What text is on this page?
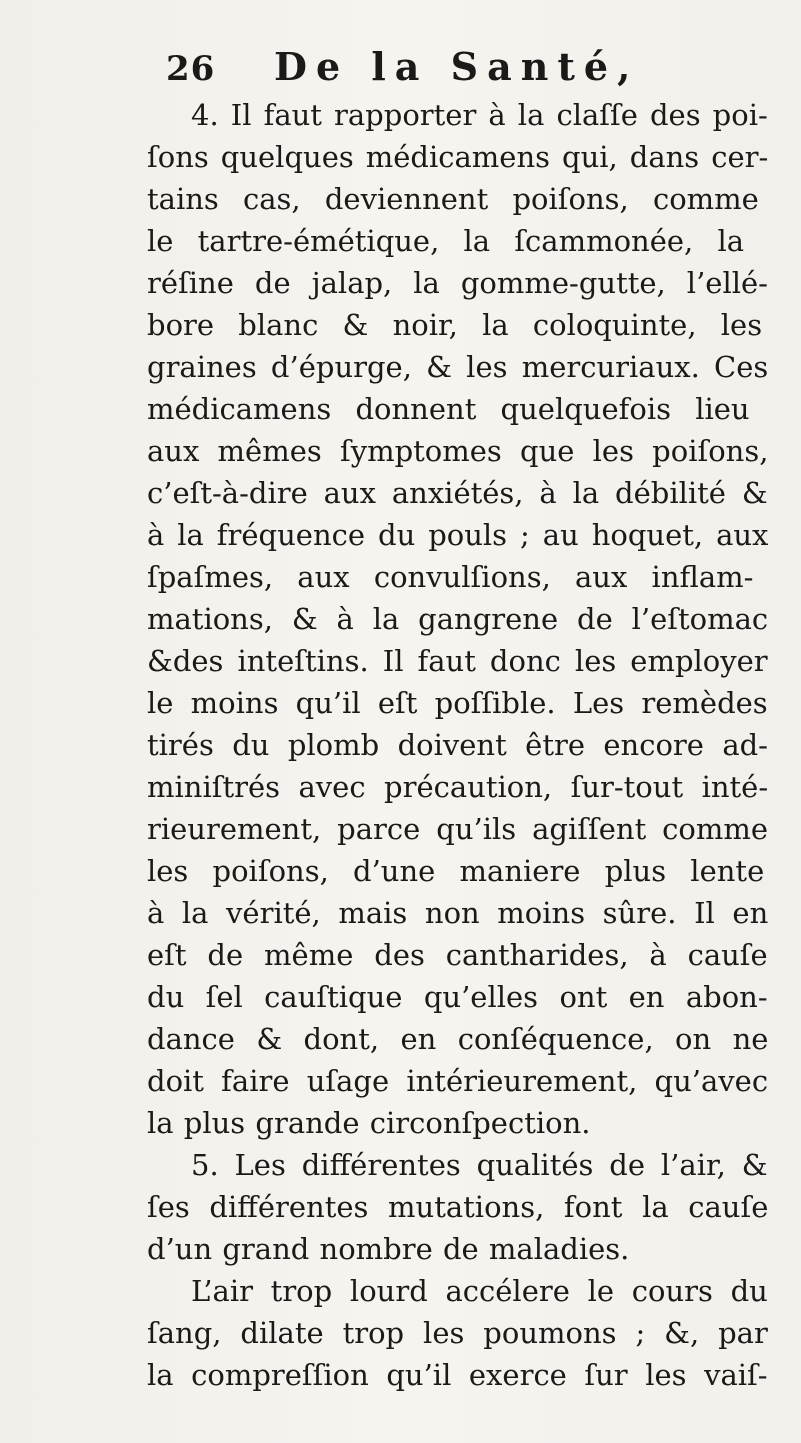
26	De la Santé,
4. Il faut rapporter à la claſſe des poi-
ſons quelques médicamens qui, dans cer-
tains cas, deviennent poiſons, comme
le tartre-émétique, la ſcammonée, la
réſine de jalap, la gomme-gutte, l’ellé-
bore blanc & noir, la coloquinte, les
graines d’épurge, & les mercuriaux. Ces
médicamens donnent quelquefois lieu
aux mêmes ſymptomes que les poiſons,
c’eſt-à-dire aux anxiétés, à la débilité &
à la fréquence du pouls ; au hoquet, aux
ſpaſmes, aux convulſions, aux inflam-
mations, & à la gangrene de l’eſtomac
&des inteſtins. Il faut donc les employer
le moins qu’il eſt poſſible. Les remèdes
tirés du plomb doivent être encore ad-
miniſtrés avec précaution, ſur-tout inté-
rieurement, parce qu’ils agiſſent comme
les poiſons, d’une maniere plus lente
à la vérité, mais non moins sûre. Il en
eſt de même des cantharides, à cauſe
du ſel cauſtique qu’elles ont en abon-
dance & dont, en conſéquence, on ne
doit faire uſage intérieurement, qu’avec
la plus grande circonſpection.
5. Les différentes qualités de l’air, &
ſes différentes mutations, font la cauſe
d’un grand nombre de maladies.
L’air trop lourd accélere le cours du
ſang, dilate trop les poumons ; &, par
la compreſſion qu’il exerce ſur les vaiſ-
